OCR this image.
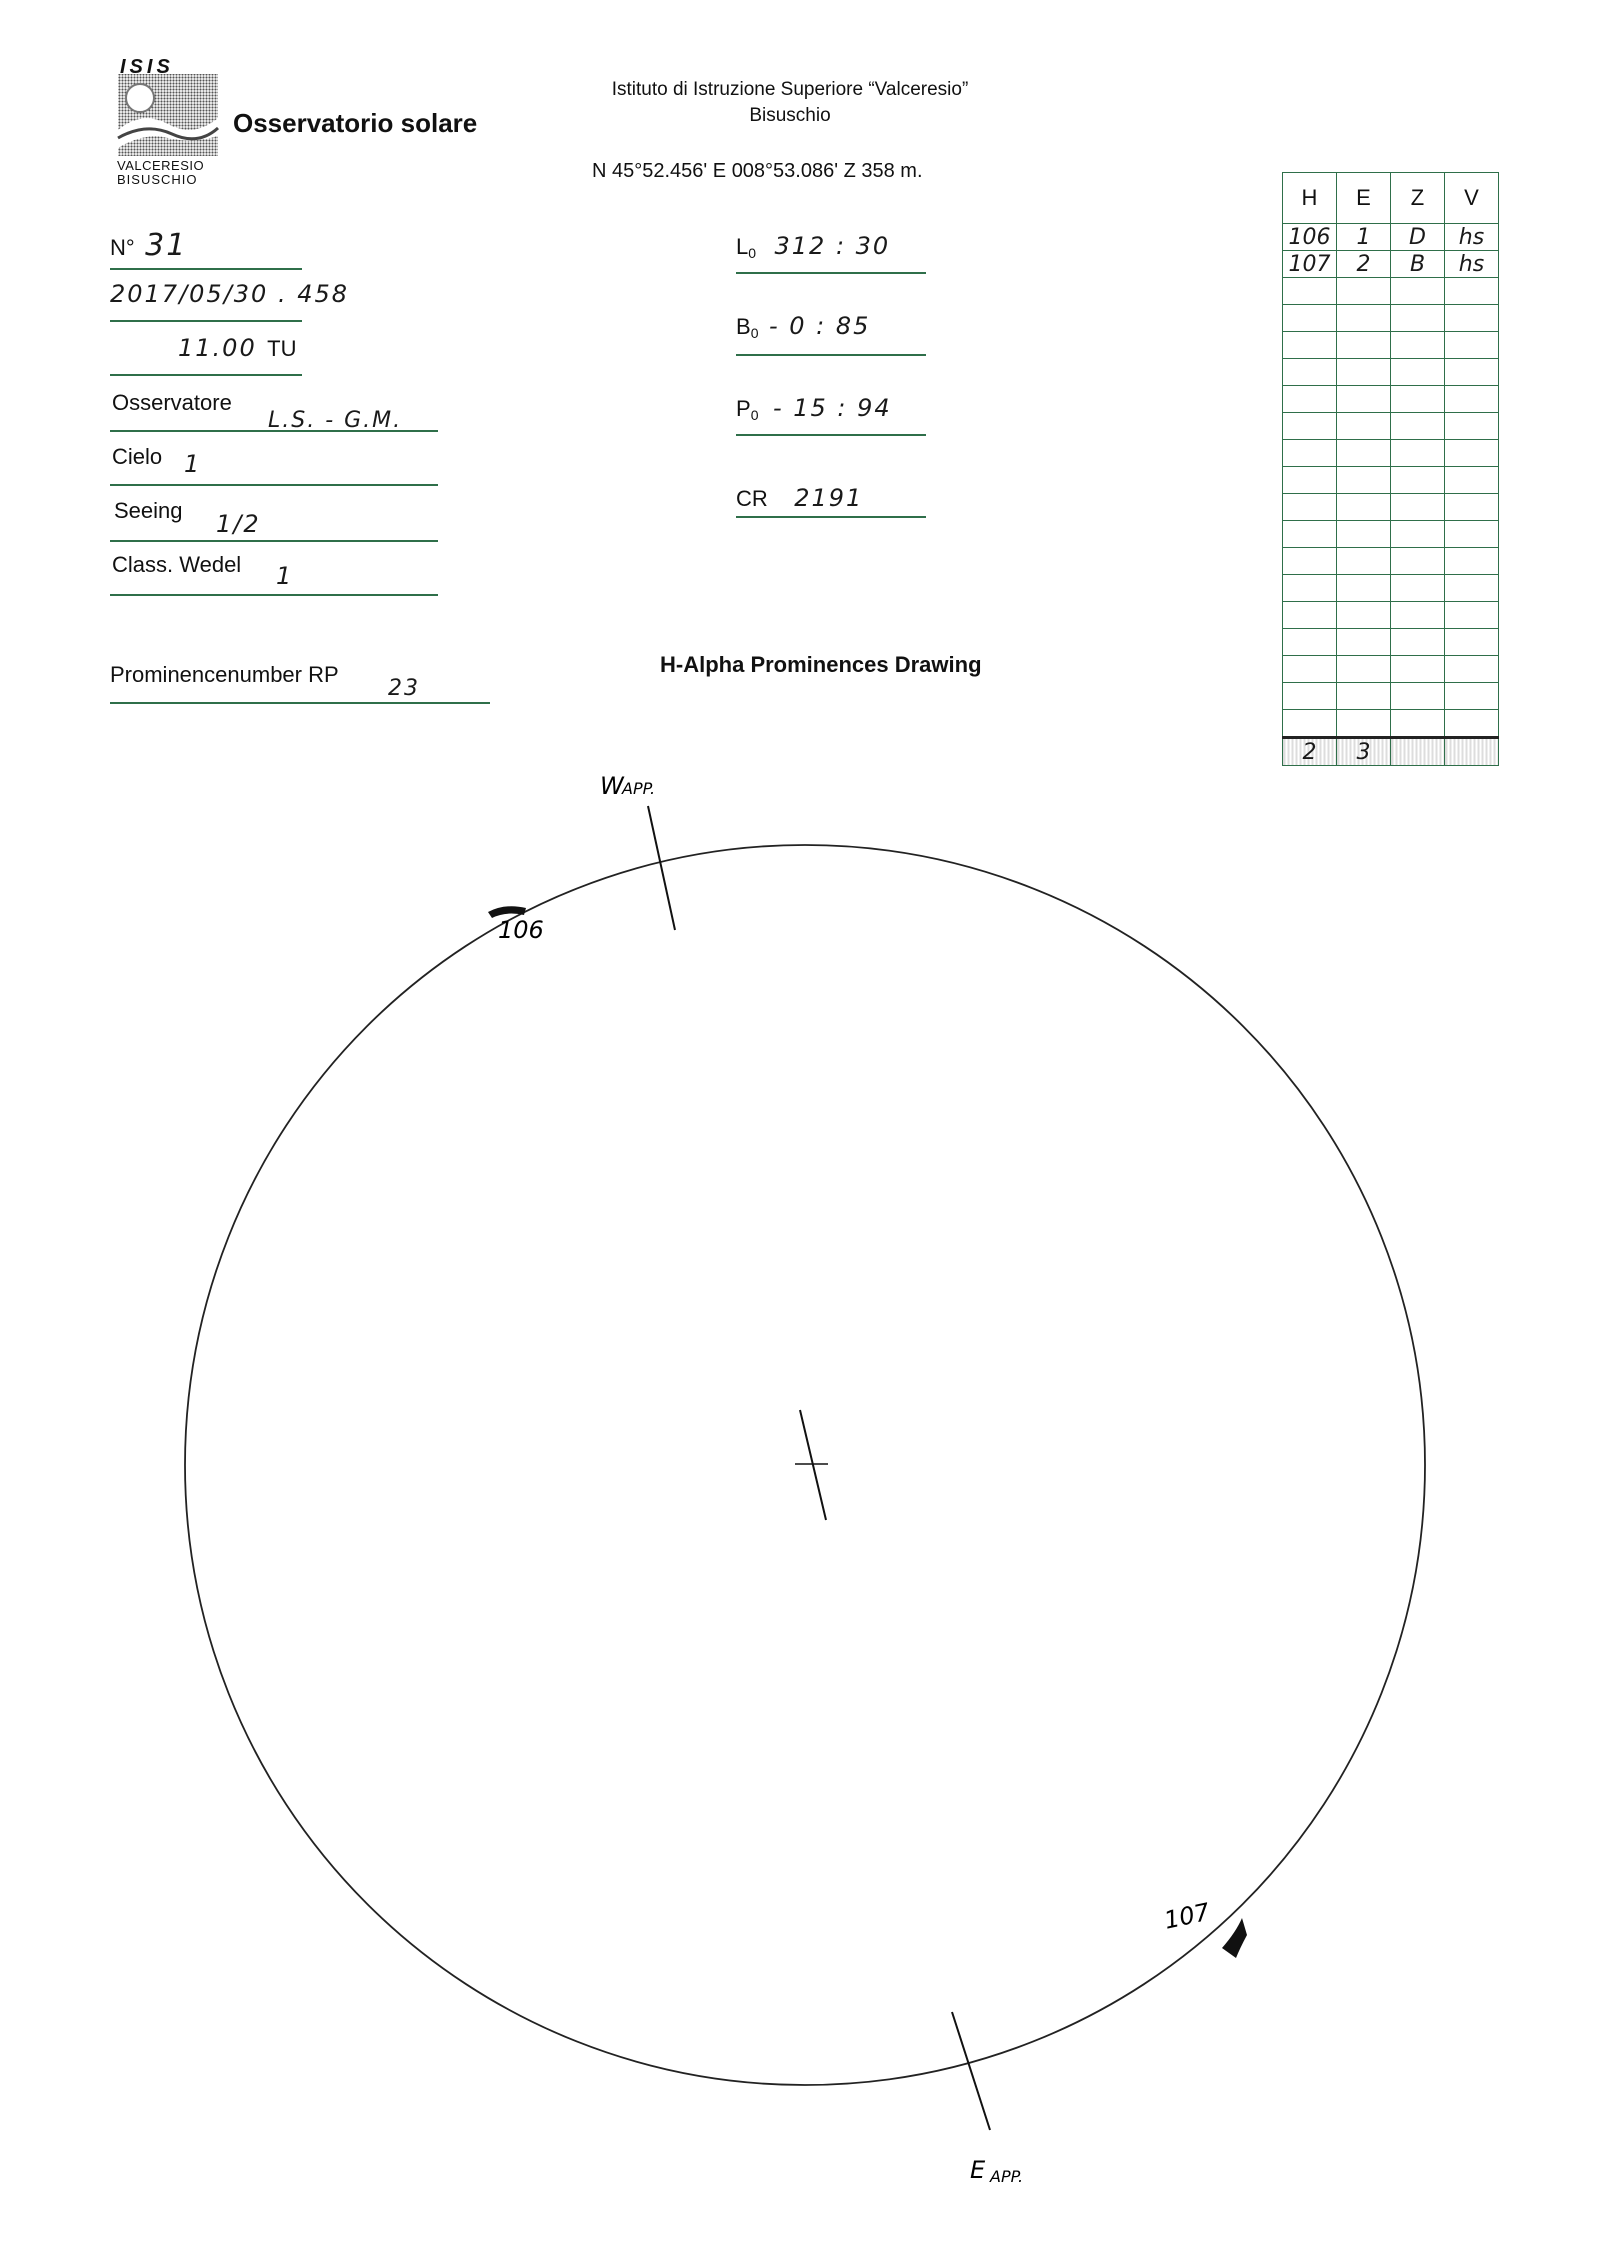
ISIS
VALCERESIO
BISUSCHIO
Osservatorio solare
Istituto di Istruzione Superiore “Valceresio”
Bisuschio
N 45°52.456' E 008°53.086' Z 358 m.
N° 31
2017/05/30 . 458
11.00 TU
Osservatore
L.S. - G.M.
Cielo 1
Seeing 1/2
Class. Wedel 1
Prominencenumber RP
23
$L_0$ 312 : 30
$B_0 - 0$ : 85
$P_0 - 15$ : 94
CR 2191
H	E	Z	V
106	1	D	hs
107	2	B	hs

2	3		
H-Alpha Prominences Drawing
W
APP.
E APP.
106
107
